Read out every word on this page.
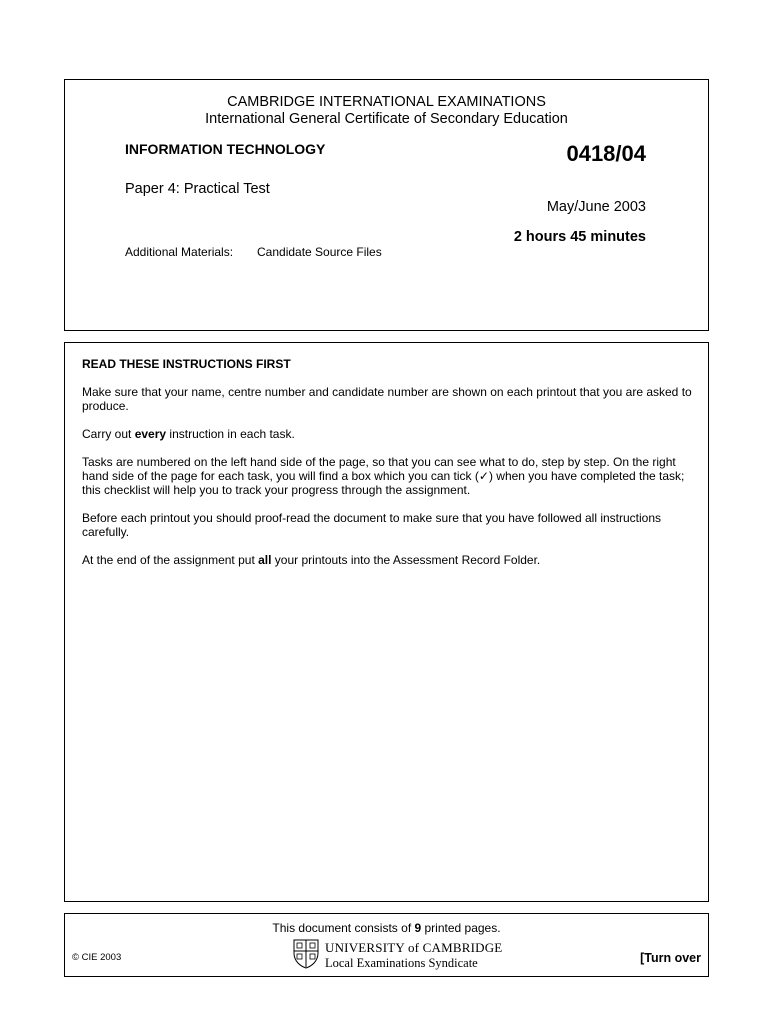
CAMBRIDGE INTERNATIONAL EXAMINATIONS
International General Certificate of Secondary Education
INFORMATION TECHNOLOGY	0418/04
Paper 4: Practical Test
May/June 2003
2 hours 45 minutes
Additional Materials: Candidate Source Files
READ THESE INSTRUCTIONS FIRST

Make sure that your name, centre number and candidate number are shown on each printout that you are asked to produce.

Carry out every instruction in each task.

Tasks are numbered on the left hand side of the page, so that you can see what to do, step by step. On the right hand side of the page for each task, you will find a box which you can tick (✓) when you have completed the task; this checklist will help you to track your progress through the assignment.

Before each printout you should proof-read the document to make sure that you have followed all instructions carefully.

At the end of the assignment put all your printouts into the Assessment Record Folder.

This document consists of 9 printed pages.
© CIE 2003
UNIVERSITY of CAMBRIDGE
Local Examinations Syndicate	[Turn over
